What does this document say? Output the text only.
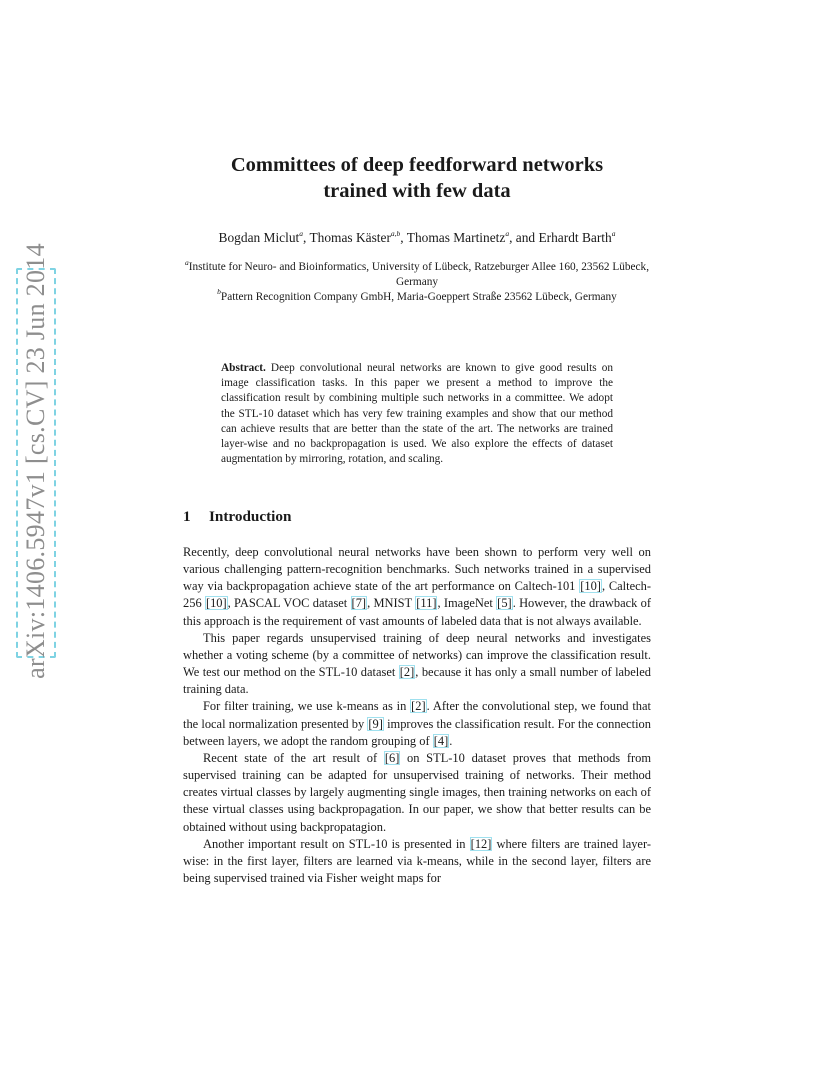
arXiv:1406.5947v1 [cs.CV] 23 Jun 2014
Committees of deep feedforward networks
trained with few data
Bogdan Miclut$^a$, Thomas Käster$^{a,b}$, Thomas Martinetz$^a$, and Erhardt Barth$^a$
$^a$Institute for Neuro- and Bioinformatics, University of Lübeck, Ratzeburger Allee 160, 23562 Lübeck, Germany
$^b$Pattern Recognition Company GmbH, Maria-Goeppert Straße 23562 Lübeck, Germany
Abstract. Deep convolutional neural networks are known to give good results on image classification tasks. In this paper we present a method to improve the classification result by combining multiple such networks in a committee. We adopt the STL-10 dataset which has very few training examples and show that our method can achieve results that are better than the state of the art. The networks are trained layer-wise and no backpropagation is used. We also explore the effects of dataset augmentation by mirroring, rotation, and scaling.
1 Introduction

Recently, deep convolutional neural networks have been shown to perform very well on various challenging pattern-recognition benchmarks. Such networks trained in a supervised way via backpropagation achieve state of the art performance on Caltech-101 [10], Caltech-256 [10], PASCAL VOC dataset [7], MNIST [11], ImageNet [5]. However, the drawback of this approach is the requirement of vast amounts of labeled data that is not always available.

This paper regards unsupervised training of deep neural networks and investigates whether a voting scheme (by a committee of networks) can improve the classification result. We test our method on the STL-10 dataset [2], because it has only a small number of labeled training data.

For filter training, we use k-means as in [2]. After the convolutional step, we found that the local normalization presented by [9] improves the classification result. For the connection between layers, we adopt the random grouping of [4].

Recent state of the art result of [6] on STL-10 dataset proves that methods from supervised training can be adapted for unsupervised training of networks. Their method creates virtual classes by largely augmenting single images, then training networks on each of these virtual classes using backpropagation. In our paper, we show that better results can be obtained without using backpropatagion.

Another important result on STL-10 is presented in [12] where filters are trained layer-wise: in the first layer, filters are learned via k-means, while in the second layer, filters are being supervised trained via Fisher weight maps for
